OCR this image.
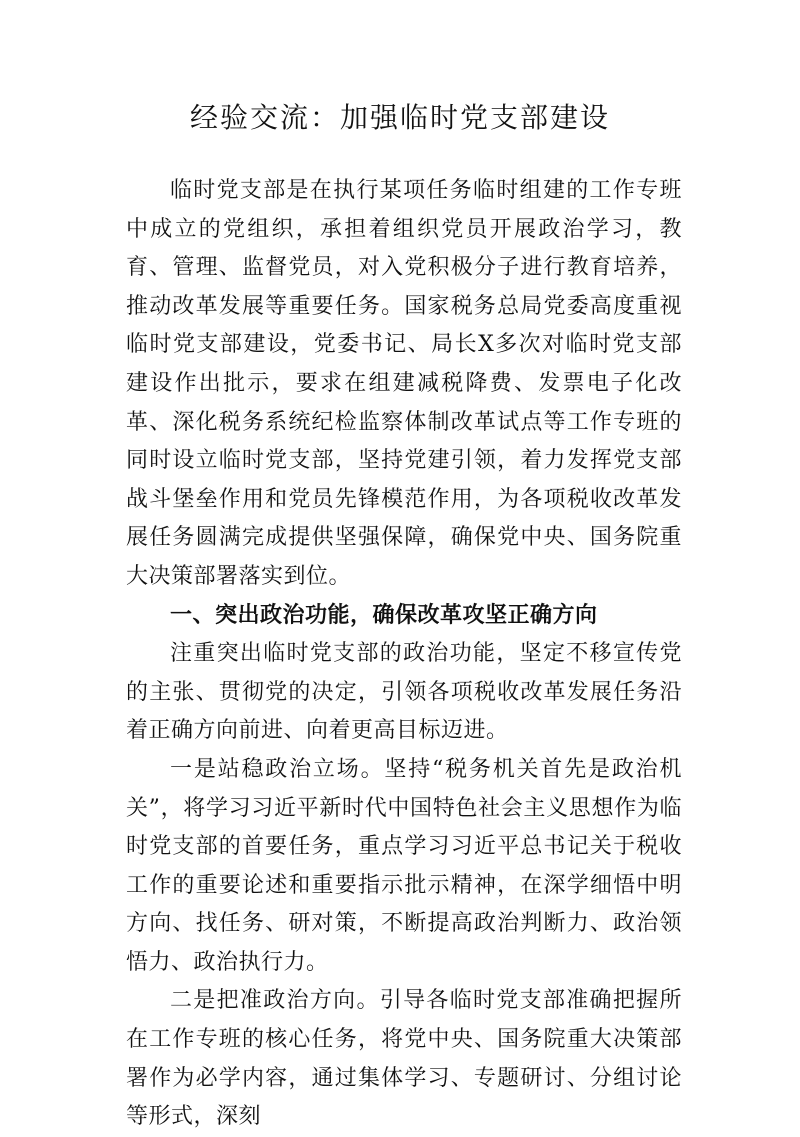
经验交流：加强临时党支部建设

临时党支部是在执行某项任务临时组建的工作专班中成立的党组织，承担着组织党员开展政治学习，教育、管理、监督党员，对入党积极分子进行教育培养，推动改革发展等重要任务。国家税务总局党委高度重视临时党支部建设，党委书记、局长X多次对临时党支部建设作出批示，要求在组建减税降费、发票电子化改革、深化税务系统纪检监察体制改革试点等工作专班的同时设立临时党支部，坚持党建引领，着力发挥党支部战斗堡垒作用和党员先锋模范作用，为各项税收改革发展任务圆满完成提供坚强保障，确保党中央、国务院重大决策部署落实到位。

一、突出政治功能，确保改革攻坚正确方向

注重突出临时党支部的政治功能，坚定不移宣传党的主张、贯彻党的决定，引领各项税收改革发展任务沿着正确方向前进、向着更高目标迈进。

一是站稳政治立场。坚持“税务机关首先是政治机关”，将学习习近平新时代中国特色社会主义思想作为临时党支部的首要任务，重点学习习近平总书记关于税收工作的重要论述和重要指示批示精神，在深学细悟中明方向、找任务、研对策，不断提高政治判断力、政治领悟力、政治执行力。

二是把准政治方向。引导各临时党支部准确把握所在工作专班的核心任务，将党中央、国务院重大决策部署作为必学内容，通过集体学习、专题研讨、分组讨论等形式，深刻
